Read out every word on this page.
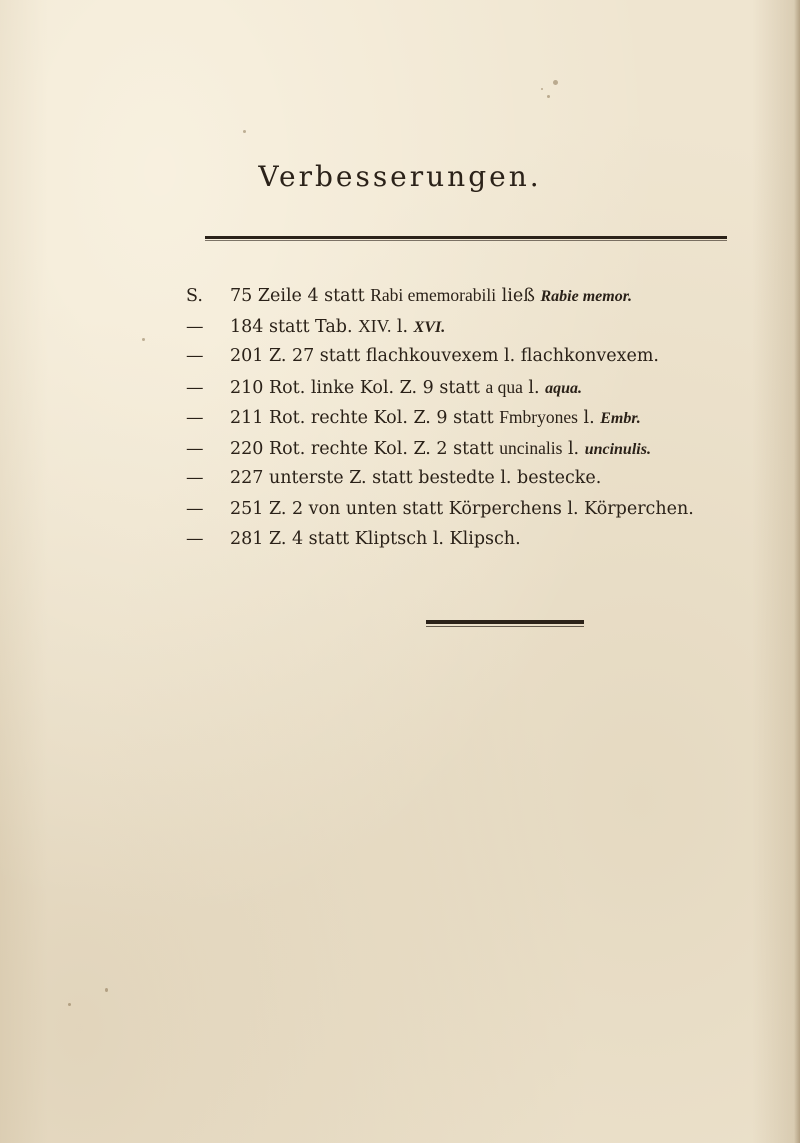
Verbesserungen.
S. 75 Zeile 4 statt Rabi ememorabili ließ Rabie memor.
— 184 statt Tab. XIV. l. XVI.
— 201 Z. 27 statt flachkouvexem l. flachkonvexem.
— 210 Rot. linke Kol. Z. 9 statt a qua l. aqua.
— 211 Rot. rechte Kol. Z. 9 statt Fmbryones l. Embr.
— 220 Rot. rechte Kol. Z. 2 statt uncinalis l. uncinulis.
— 227 unterste Z. statt bestedte l. bestecke.
— 251 Z. 2 von unten statt Körperchens l. Körperchen.
— 281 Z. 4 statt Kliptsch l. Klipsch.
